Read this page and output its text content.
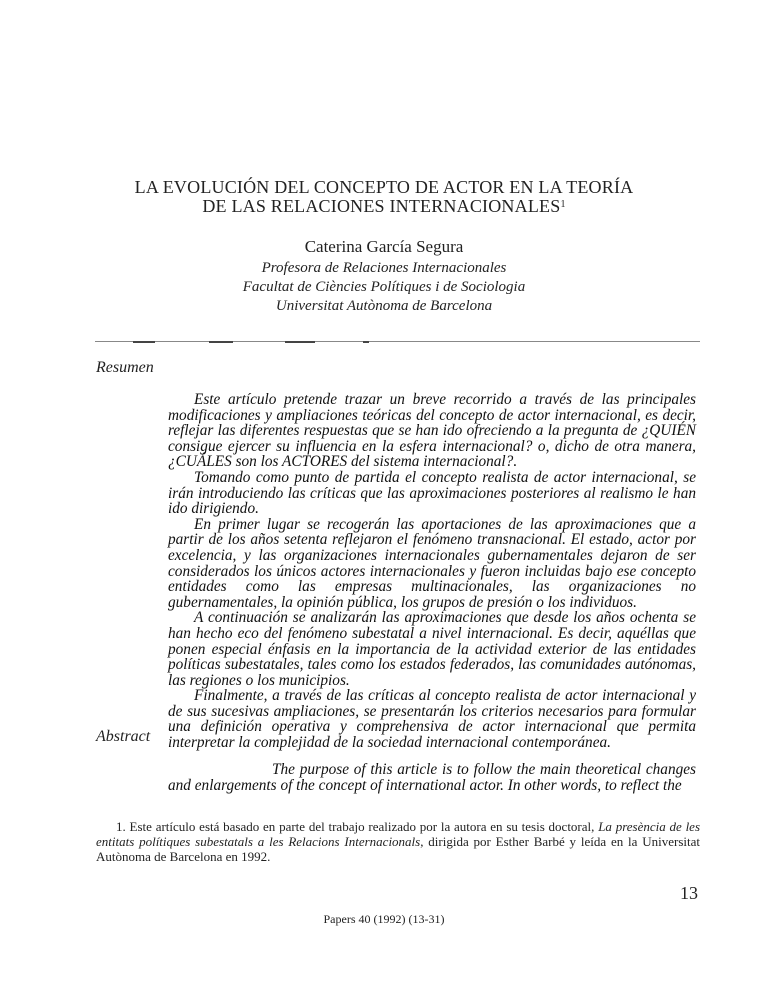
LA EVOLUCIÓN DEL CONCEPTO DE ACTOR EN LA TEORÍA
DE LAS RELACIONES INTERNACIONALES$^1$
Caterina García Segura
Profesora de Relaciones Internacionales
Facultat de Ciències Polítiques i de Sociologia
Universitat Autònoma de Barcelona
Resumen

Este artículo pretende trazar un breve recorrido a través de las principales modificaciones y ampliaciones teóricas del concepto de actor internacional, es decir, reflejar las diferentes respuestas que se han ido ofreciendo a la pregunta de ¿QUIÉN consigue ejercer su influencia en la esfera internacional? o, dicho de otra manera, ¿CUÁLES son los ACTORES del sistema internacional?.

Tomando como punto de partida el concepto realista de actor internacional, se irán introduciendo las críticas que las aproximaciones posteriores al realismo le han ido dirigiendo.

En primer lugar se recogerán las aportaciones de las aproximaciones que a partir de los años setenta reflejaron el fenómeno transnacional. El estado, actor por excelencia, y las organizaciones internacionales gubernamentales dejaron de ser considerados los únicos actores internacionales y fueron incluidas bajo ese concepto entidades como las empresas multinacionales, las organizaciones no gubernamentales, la opinión pública, los grupos de presión o los individuos.

A continuación se analizarán las aproximaciones que desde los años ochenta se han hecho eco del fenómeno subestatal a nivel internacional. Es decir, aquéllas que ponen especial énfasis en la importancia de la actividad exterior de las entidades políticas subestatales, tales como los estados federados, las comunidades autónomas, las regiones o los municipios.

Finalmente, a través de las críticas al concepto realista de actor internacional y de sus sucesivas ampliaciones, se presentarán los criterios necesarios para formular una definición operativa y comprehensiva de actor internacional que permita interpretar la complejidad de la sociedad internacional contemporánea.

Abstract

The purpose of this article is to follow the main theoretical changes and enlargements of the concept of international actor. In other words, to reflect the

1. Este artículo está basado en parte del trabajo realizado por la autora en su tesis doctoral, La presència de les entitats polítiques subestatals a les Relacions Internacionals, dirigida por Esther Barbé y leída en la Universitat Autònoma de Barcelona en 1992.

13
Papers 40 (1992) (13-31)
